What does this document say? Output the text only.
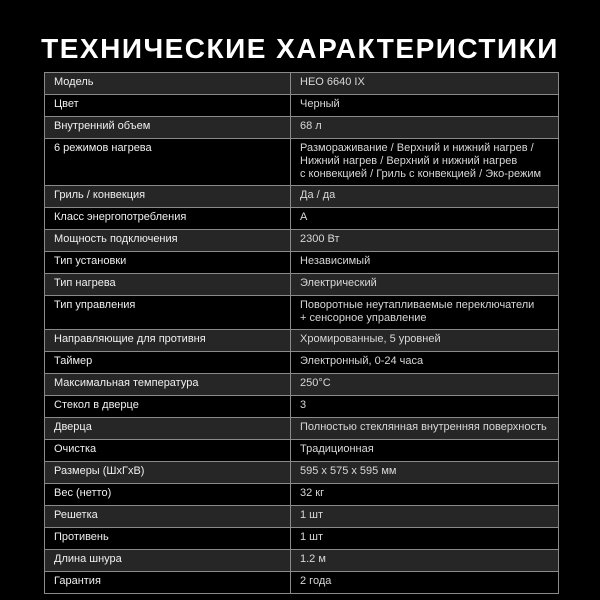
ТЕХНИЧЕСКИЕ ХАРАКТЕРИСТИКИ
Модель	HEO 6640 IX

Цвет	Черный

Внутренний объем	68 л

6 режимов нагрева	Размораживание / Верхний и нижний нагрев /
Нижний нагрев / Верхний и нижний нагрев
с конвекцией / Гриль с конвекцией / Эко-режим

Гриль / конвекция	Да / да

Класс энергопотребления	A

Мощность подключения	2300 Вт

Тип установки	Независимый

Тип нагрева	Электрический

Тип управления	Поворотные неутапливаемые переключатели
+ сенсорное управление

Направляющие для противня	Хромированные, 5 уровней

Таймер	Электронный, 0-24 часа

Максимальная температура	250°C

Стекол в дверце	3

Дверца	Полностью стеклянная внутренняя поверхность

Очистка	Традиционная

Размеры (ШхГхВ)	595 x 575 x 595 мм

Вес (нетто)	32 кг

Решетка	1 шт

Противень	1 шт

Длина шнура	1.2 м

Гарантия	2 года
